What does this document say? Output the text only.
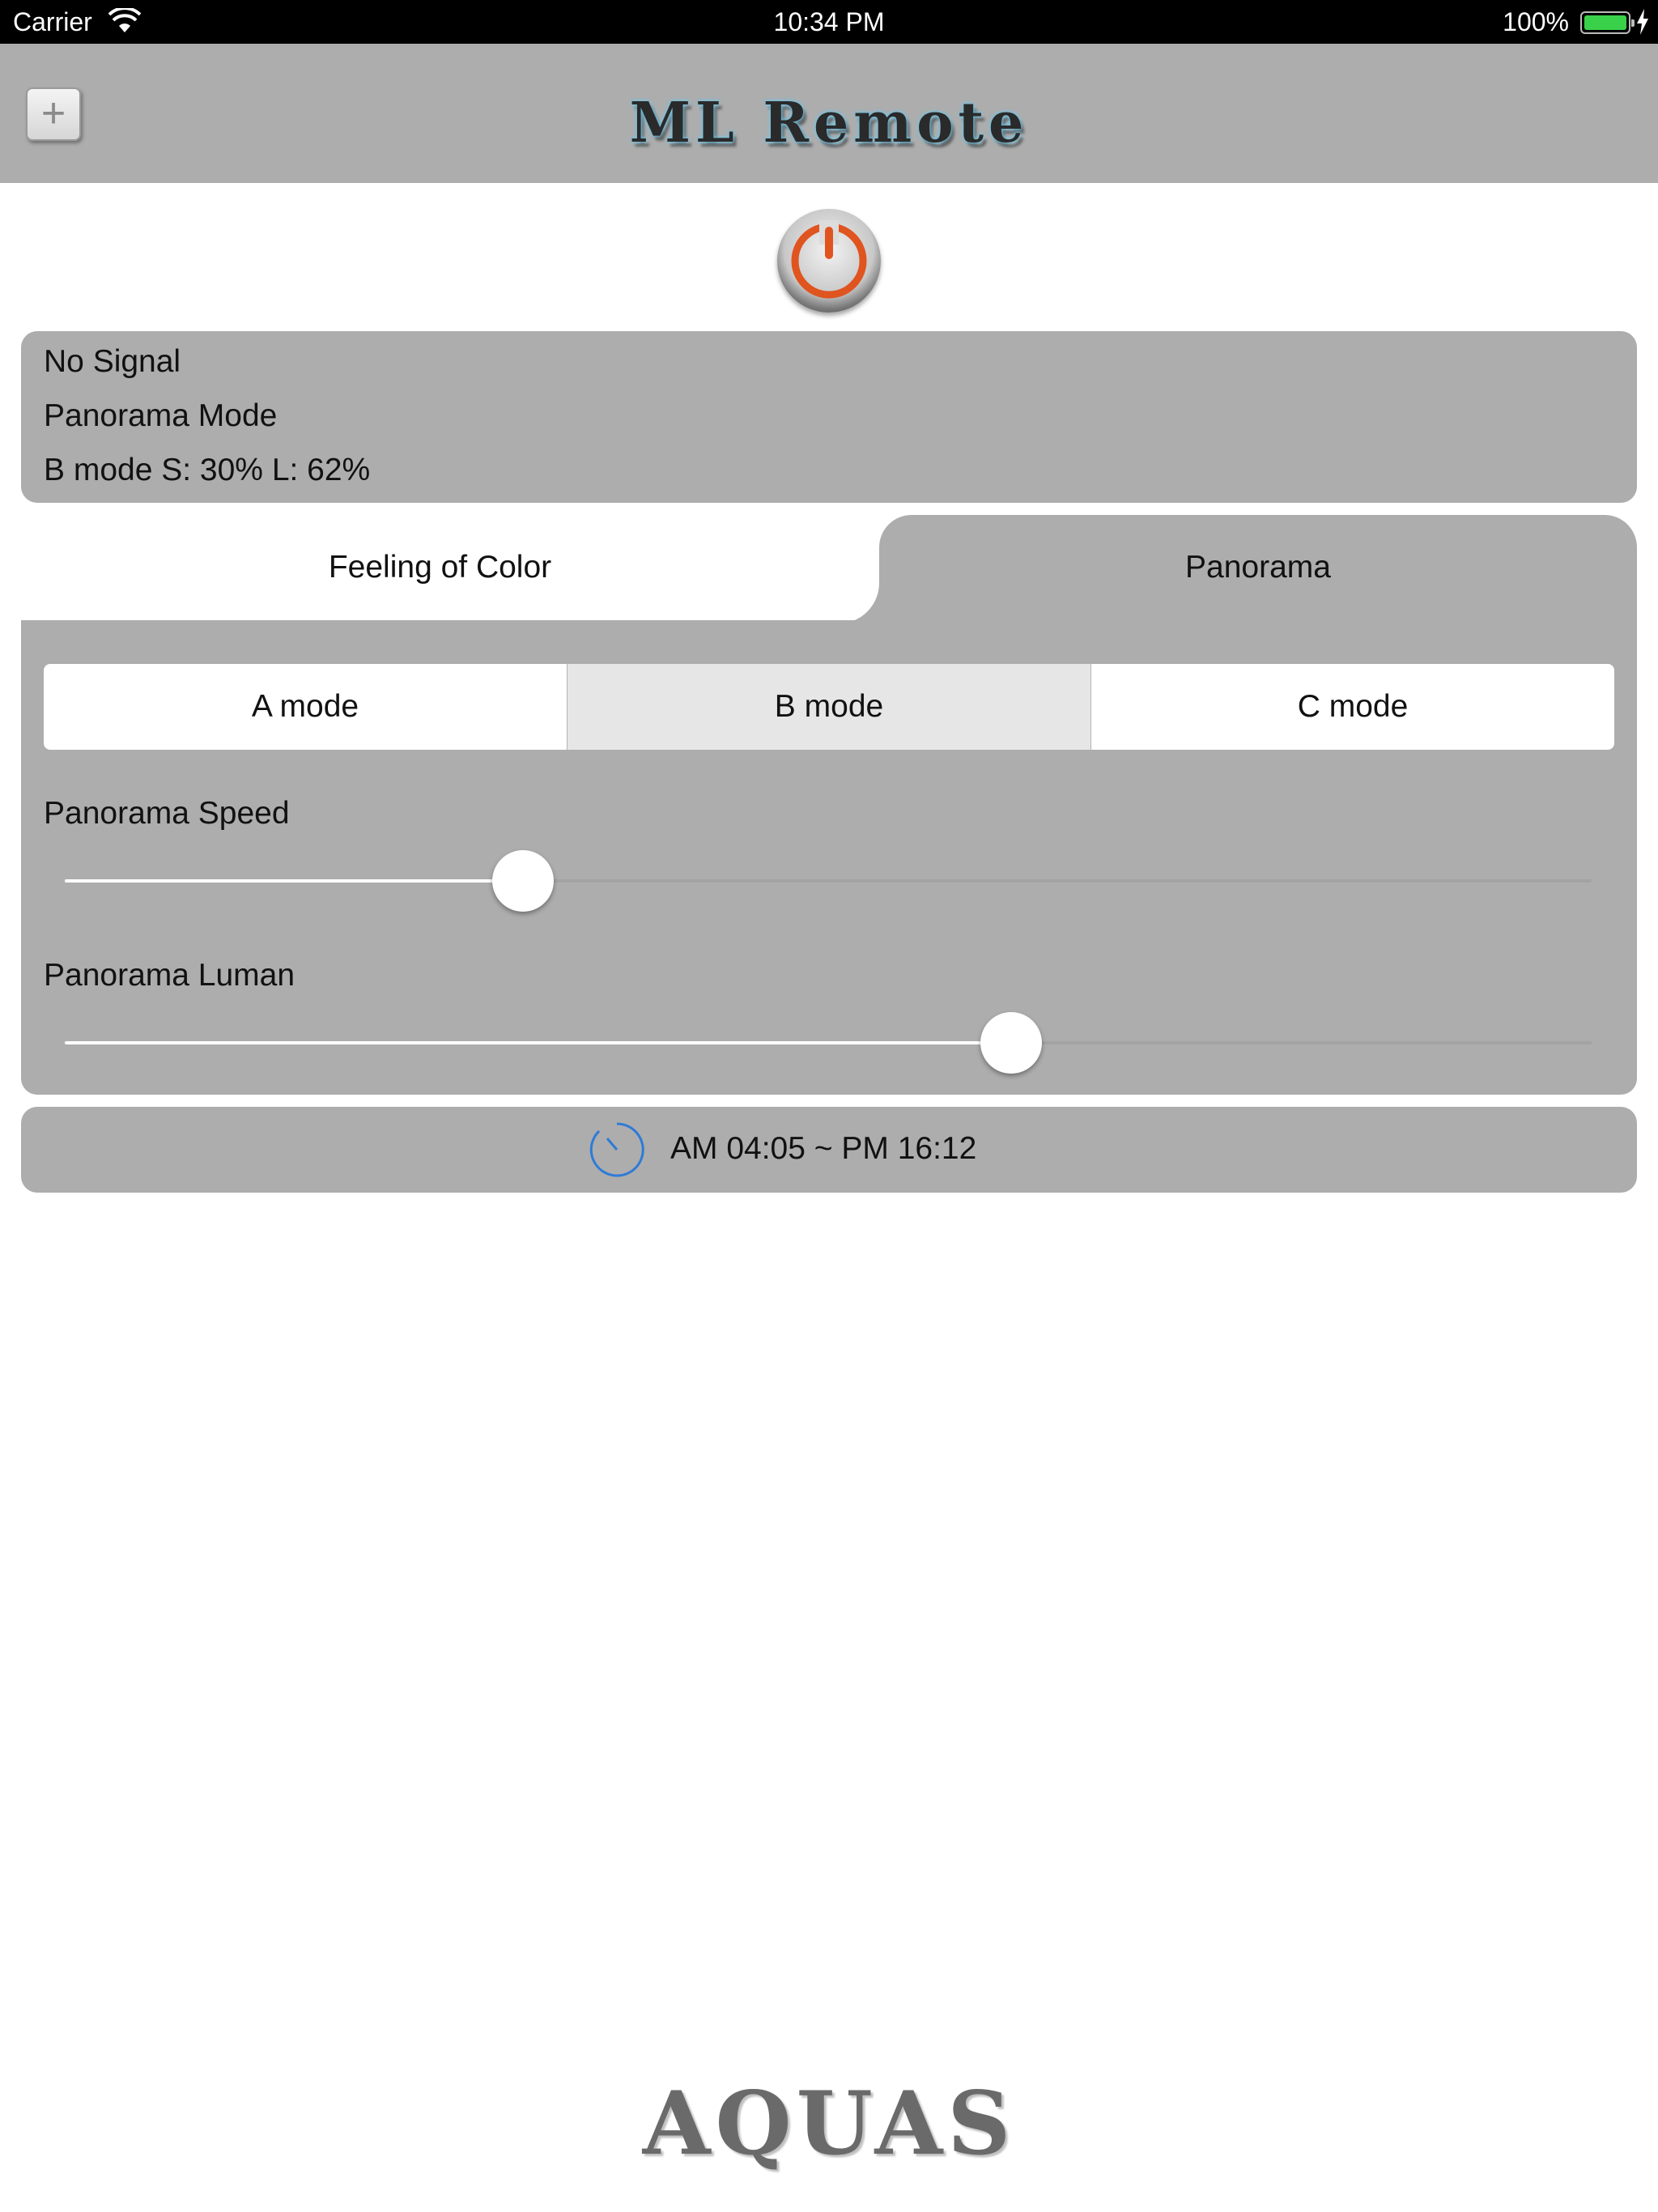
Carrier	10:34 PM	100%
+	ML Remote
No Signal
Panorama Mode
B mode S: 30% L: 62%
Feeling of Color	Panorama
A mode	B mode	C mode
Panorama Speed
Panorama Luman
AM 04:05 ~ PM 16:12
AQUAS
